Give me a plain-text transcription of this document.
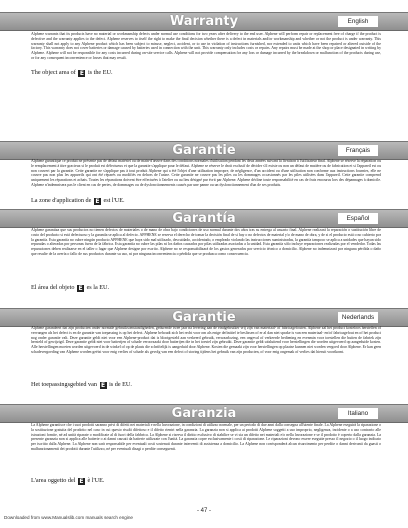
Warranty	English

Alphene warrants that its products have no material or workmanship defects under normal use conditions for two years after delivery to the end user. Alphene will perform repair or replacement free of charge if the product is defective and the warranty applies to the defect. Alphene reserves to itself the right to make the final decision whether there is a defect in materials and/or workmanship and whether or not the product is under warranty. This warranty shall not apply to any Alphene product which has been subject to misuse, neglect, accident, or to use in violation of instructions furnished, nor extended to units which have been repaired or altered outside of the factory. This warranty does not cover batteries or damage caused by batteries used in connection with the unit. This warranty only includes costs or repairs. Any repairs must be made at the shop or place designated in writing by Alphene. Alphene will not be responsible for any costs incurred during on-site service calls. Alphene will not provide compensation for any loss or damage incurred by the breakdown or malfunction of the products during use, or for any consequent inconvenience or losses that may result.

The object area of E is the EU.
Garantie	Français

Alphene garantique ce produit ne présente pas de défaut matériel ou de main-d'œuvre dans des conditions normales d'utilisation pendant les deux années suivant la livraison à l'utilisateur final. Alphene se réserve la réparation ou le remplacement à titre gracieux si le produit est défectueux et que la garantie s'applique pour le défaut. Alphene se réserve le droit exclusif de décider s'il existe ou non un défaut de matière ou de fabrication et si l'appareil est ou non couvert par la garantie. Cette garantie ne s'applique pas à tout produit Alphene qui a été l'objet d'une utilisation impropre, de négligence, d'un accident ou d'une utilisation non conforme aux instructions fournies, elle ne couvre pas non plus les appareils qui ont été réparés ou modifiés en dehors de l'usine. Cette garantie ne couvre pas les piles ou les dommages occasionnés par les piles utilisées dans l'appareil. Cette garantie comprend uniquement les réparations et achats. Toutes les réparations doivent être effectuées à l'atelier ou au lieu désigné par écrit par Alphene. Alphene décline toute responsabilité en cas de frais encourus lors des dépannages à domicile. Alphene n'indemnisera pas le client en cas de pertes, de dommages ou de dysfonctionnements causés par une panne ou un dysfonctionnement d'un de ses produits.

La zone d'application de E est l'UE.
Garantía	Español

Alphene garantiza que sus productos no tienen defectos de materiales o de mano de obra bajo condiciones de uso normal durante dos años tras su entrega al usuario final. Alphene realizará la reparación o sustitución libre de costo del producto si está defectuoso y la garantía se aplica al defecto. APPHENE se reserva el derecho de tomar la decisión final de si hay o no defectos de material y/o de mano de obra, y de si el producto está o no cubierto por la garantía. Esta garantía no cubre ningún producto APPHENE que haya sido mal utilizado, descuidado, accidentado, o empleado violando las instrucciones suministradas, la garantía tampoco se aplica a unidades que hayan sido reparadas o alteradas por personas fuera de la fábrica. Esta garantía no cubre las pilas ni los daños causados por pilas utilizadas asociadas a la unidad. Esta garantía sólo incluye reparaciones realizadas por el vendedor. Todas las reparaciones deben realizarse en el taller o lugar que Alphene designe por escrito. Alphene no se responsabilizará de los gastos generados por servicio técnico a domicilio. Alphene no indemnizará por ninguna pérdida o daño que resulte de la avería o fallo de sus productos durante su uso, ni por ninguna inconveniencia o pérdida que se produzca como consecuencia.

El área del objeto E es la EU.
Garantie	Nederlands

Alphene garandeert dat zijn producten onder normale gebruiksomstandigheden, gedurende twee jaar na levering aan de eindgebruiker vrij zijn van materiaal- of fabricagefouten. Alphene zal het product kosteloos herstellen of vervangen als het defect is en de garantie van toepassing is op het defect. Alphene behoudt zich het recht voor om als enige definitief te beslissen of er al dan niet sprake is van een materiaal- en/of fabricagefout en of het product nog onder garantie valt. Deze garantie geldt niet voor een Alphene-product dat is blootgesteld aan verkeerd gebruik, verwaarlozing, een ongeval of verkeerde bediening en evenmin voor toestellen die buiten de fabriek zijn hersteld of gewijzigd. Deze garantie geldt niet voor batterijen of schade veroorzaakt door batterijen die in het toestel zijn gebruikt. Deze garantie geldt uitsluitend voor herstellingen die worden uitgevoerd op aangeduide kosten. Alle herstellingen moeten worden uitgevoerd in de winkel of op de plaats die schriftelijk is aangeduid door Alphene. Kosten die gemaakt zijn voor herstellingen op plaatse kunnen niet worden vergoed door Alphene. Er kan geen schadevergoeding van Alphene worden geëist voor enig verlies of schade als gevolg van een defect of storing tijdens het gebruik van zijn producten, of voor enig ongemak of verlies dat hieruit voortkomt.

Het toepassingsgebied van E is de EU.
Garanzia	Italiano

La Alphene garantisce che i suoi prodotti saranno privi di difetti nei materiali e nella lavorazione, in condizioni di utilizzo normale, per un periodo di due anni dalla consegna all'utente finale. La Alphene eseguirà la riparazione o la sostituzione gratuita del prodotto nel caso in cui questo risulti difettoso e il difetto rientri nella garanzia. La garanzia non si applica ai prodotti Alphene soggetti a uso improprio, negligenza, incidente o a uso contrario alle istruzioni fornite, né ad unità riparate o modificate al di fuori della fabbrica. La Alphene si riserva il diritto esclusivo di stabilire se vi sia un difetto nei materiali e/o nella lavorazione e se il prodotto è coperto dalla garanzia. La presente garanzia non si applica alle batterie o ai danni causati da batterie utilizzate con l'unità. La garanzia copre esclusivamente i costi di riparazione. Le riparazioni devono essere eseguite presso il negozio o il luogo indicato per iscritto dalla Alphene. La Alphene non sarà responsabile per eventuali costi sostenuti durante interventi di assistenza a domicilio. La Alphene non corrisponderà alcun risarcimento per perdite o danni derivanti da guasti o malfunzionamenti dei prodotti durante l'utilizzo, né per eventuali disagi o perdite conseguenti.

L'area oggetto del E è l'UE.
- 47 -
Downloaded from www.Manualslib.com manuals search engine
